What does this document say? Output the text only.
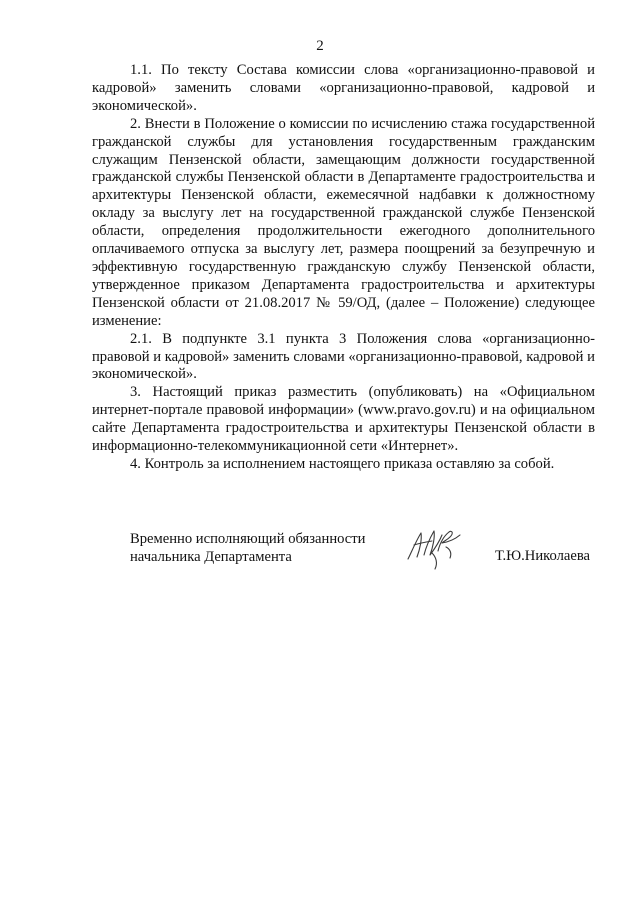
2

1.1. По тексту Состава комиссии слова «организационно-правовой и кадровой» заменить словами «организационно-правовой, кадровой и экономической».

2. Внести в Положение о комиссии по исчислению стажа государственной гражданской службы для установления государственным гражданским служащим Пензенской области, замещающим должности государственной гражданской службы Пензенской области в Департаменте градостроительства и архитектуры Пензенской области, ежемесячной надбавки к должностному окладу за выслугу лет на государственной гражданской службе Пензенской области, определения продолжительности ежегодного дополнительного оплачиваемого отпуска за выслугу лет, размера поощрений за безупречную и эффективную государственную гражданскую службу Пензенской области, утвержденное приказом Департамента градостроительства и архитектуры Пензенской области от 21.08.2017 № 59/ОД, (далее – Положение) следующее изменение:

2.1. В подпункте 3.1 пункта 3 Положения слова «организационно-правовой и кадровой» заменить словами «организационно-правовой, кадровой и экономической».

3. Настоящий приказ разместить (опубликовать) на «Официальном интернет-портале правовой информации» (www.pravo.gov.ru) и на официальном сайте Департамента градостроительства и архитектуры Пензенской области в информационно-телекоммуникационной сети «Интернет».

4. Контроль за исполнением настоящего приказа оставляю за собой.

Временно исполняющий обязанности
начальника Департамента	Т.Ю.Николаева
